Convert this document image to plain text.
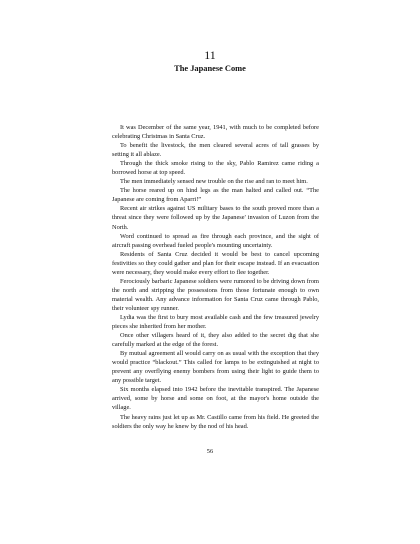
11
The Japanese Come

It was December of the same year, 1941, with much to be completed before celebrating Christmas in Santa Cruz.

To benefit the livestock, the men cleared several acres of tall grasses by setting it all ablaze.

Through the thick smoke rising to the sky, Pablo Ramirez came riding a borrowed horse at top speed.

The men immediately sensed new trouble on the rise and ran to meet him.

The horse reared up on hind legs as the man halted and called out. “The Japanese are coming from Aparri!”

Recent air strikes against US military bases to the south proved more than a threat since they were followed up by the Japanese' invasion of Luzon from the North.

Word continued to spread as fire through each province, and the sight of aircraft passing overhead fueled people's mounting uncertainty.

Residents of Santa Cruz decided it would be best to cancel upcoming festivities so they could gather and plan for their escape instead. If an evacuation were necessary, they would make every effort to flee together.

Ferociously barbaric Japanese soldiers were rumored to be driving down from the north and stripping the possessions from those fortunate enough to own material wealth. Any advance information for Santa Cruz came through Pablo, their volunteer spy runner.

Lydia was the first to bury most available cash and the few treasured jewelry pieces she inherited from her mother.

Once other villagers heard of it, they also added to the secret dig that she carefully marked at the edge of the forest.

By mutual agreement all would carry on as usual with the exception that they would practice “blackout.” This called for lamps to be extinguished at night to prevent any overflying enemy bombers from using their light to guide them to any possible target.

Six months elapsed into 1942 before the inevitable transpired. The Japanese arrived, some by horse and some on foot, at the mayor's home outside the village.

The heavy rains just let up as Mr. Castillo came from his field. He greeted the soldiers the only way he knew by the nod of his head.

56
